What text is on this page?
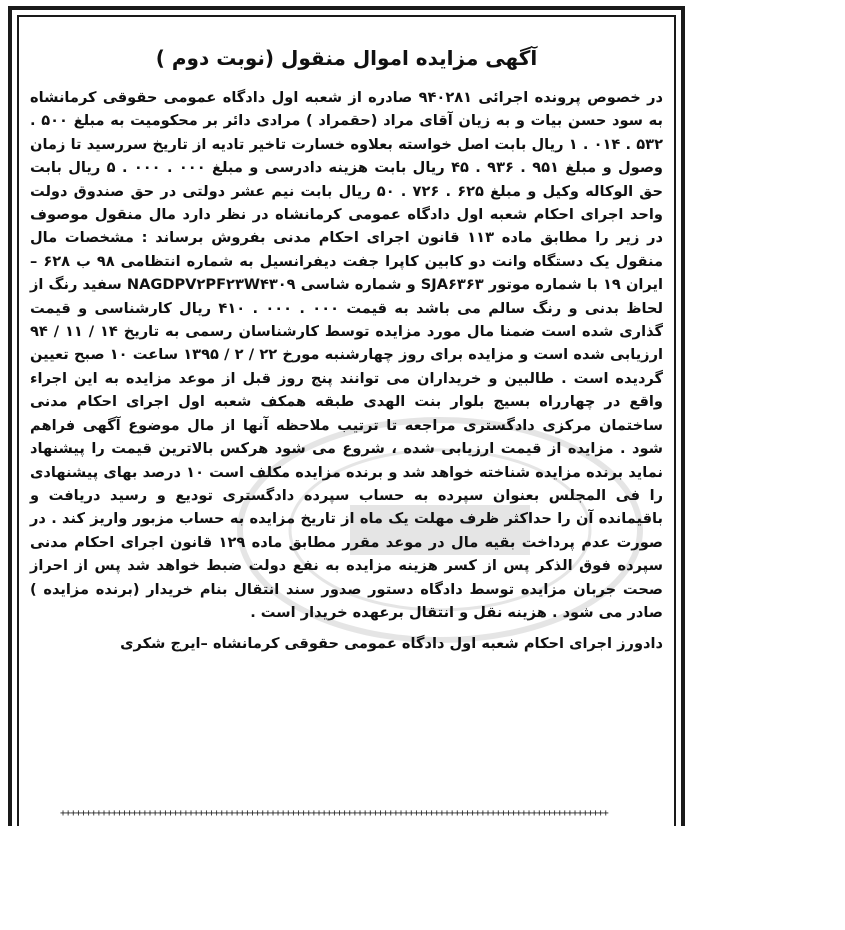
آگهی مزایده اموال منقول (نوبت دوم )

در خصوص پرونده اجرائی ۹۴۰۲۸۱ صادره از شعبه اول دادگاه عمومی حقوقی کرمانشاه به سود حسن بیات و به زیان آقای مراد (حقمراد ) مرادی دائر بر محکومیت به مبلغ ۵۰۰ . ۵۳۲ . ۰۱۴ . ۱ ریال بابت اصل خواسته بعلاوه خسارت تاخیر تادیه از تاریخ سررسید تا زمان وصول و مبلغ ۹۵۱ . ۹۳۶ . ۴۵ ریال بابت هزینه دادرسی و مبلغ ۰۰۰ . ۰۰۰ . ۵ ریال بابت حق الوکاله وکیل و مبلغ ۶۲۵ . ۷۲۶ . ۵۰ ریال بابت نیم عشر دولتی در حق صندوق دولت واحد اجرای احکام شعبه اول دادگاه عمومی کرمانشاه در نظر دارد مال منقول موصوف در زیر را مطابق ماده ۱۱۳ قانون اجرای احکام مدنی بفروش برساند : مشخصات مال منقول یک دستگاه وانت دو کابین کاپرا جفت دیفرانسیل به شماره انتظامی ۹۸ ب ۶۲۸ – ایران ۱۹ با شماره موتور SJA۶۳۶۳ و شماره شاسی NAGDPV۲PF۲۳W۴۳۰۹ سفید رنگ از لحاظ بدنی و رنگ سالم می باشد به قیمت ۰۰۰ . ۰۰۰ . ۴۱۰ ریال کارشناسی و قیمت گذاری شده است ضمنا مال مورد مزایده توسط کارشناسان رسمی به تاریخ ۱۴ / ۱۱ / ۹۴ ارزیابی شده است و مزایده برای روز چهارشنبه مورخ ۲۲ / ۲ / ۱۳۹۵ ساعت ۱۰ صبح تعیین گردیده است . طالبین و خریداران می توانند پنج روز قبل از موعد مزایده به این اجراء واقع در چهارراه بسیج بلوار بنت الهدی طبقه همکف شعبه اول اجرای احکام مدنی ساختمان مرکزی دادگستری مراجعه تا ترتیب ملاحظه آنها از مال موضوع آگهی فراهم شود . مزایده از قیمت ارزیابی شده ، شروع می شود هرکس بالاترین قیمت را پیشنهاد نماید برنده مزایده شناخته خواهد شد و برنده مزایده مکلف است ۱۰ درصد بهای پیشنهادی را فی المجلس بعنوان سپرده به حساب سپرده دادگستری تودیع و رسید دریافت و باقیمانده آن را حداکثر ظرف مهلت یک ماه از تاریخ مزایده به حساب مزبور واریز کند . در صورت عدم پرداخت بقیه مال در موعد مقرر مطابق ماده ۱۲۹ قانون اجرای احکام مدنی سپرده فوق الذکر پس از کسر هزینه مزایده به نفع دولت ضبط خواهد شد پس از احراز صحت جربان مزایده توسط دادگاه دستور صدور سند انتقال بنام خریدار (برنده مزایده ) صادر می شود . هزینه نقل و انتقال برعهده خریدار است .

دادورز اجرای احکام شعبه اول دادگاه عمومی حقوقی کرمانشاه –ایرج شکری
+++++++++++++++++++++++++++++++++++++++++++++++++++++++++++++++++++++++++++++++++++++++++++++++++++++++++++
